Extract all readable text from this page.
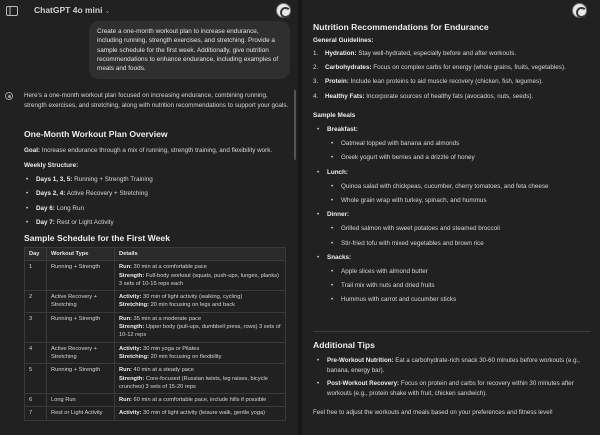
ChatGPT 4o mini ⌄
Create a one-month workout plan to increase endurance, including running, strength exercises, and stretching. Provide a sample schedule for the first week. Additionally, give nutrition recommendations to enhance endurance, including examples of meals and foods.
Here's a one-month workout plan focused on increasing endurance, combining running, strength exercises, and stretching, along with nutrition recommendations to support your goals.
One-Month Workout Plan Overview
Goal: Increase endurance through a mix of running, strength training, and flexibility work.
Weekly Structure:
• Days 1, 3, 5: Running + Strength Training
• Days 2, 4: Active Recovery + Stretching
• Day 6: Long Run
• Day 7: Rest or Light Activity
Sample Schedule for the First Week
Day	Workout Type	Details
1	Running + Strength	Run: 30 min at a comfortable pace
Strength: Full-body workout (squats, push-ups, lunges, planks) 3 sets of 10-15 reps each

2	Active Recovery + Stretching	Activity: 30 min of light activity (walking, cycling)
Stretching: 20 min focusing on legs and back

3	Running + Strength	Run: 35 min at a moderate pace
Strength: Upper body (pull-ups, dumbbell press, rows) 3 sets of 10-12 reps

4	Active Recovery + Stretching	Activity: 30 min yoga or Pilates
Stretching: 20 min focusing on flexibility

5	Running + Strength	Run: 40 min at a steady pace
Strength: Core-focused (Russian twists, leg raises, bicycle crunches) 3 sets of 15-20 reps

6	Long Run	Run: 60 min at a comfortable pace, include hills if possible

7	Rest or Light Activity	Activity: 30 min of light activity (leisure walk, gentle yoga)
Nutrition Recommendations for Endurance
General Guidelines:
1. Hydration: Stay well-hydrated, especially before and after workouts.
2. Carbohydrates: Focus on complex carbs for energy (whole grains, fruits, vegetables).
3. Protein: Include lean proteins to aid muscle recovery (chicken, fish, legumes).
4. Healthy Fats: Incorporate sources of healthy fats (avocados, nuts, seeds).
Sample Meals
• Breakfast:
• Oatmeal topped with banana and almonds
• Greek yogurt with berries and a drizzle of honey
• Lunch:
• Quinoa salad with chickpeas, cucumber, cherry tomatoes, and feta cheese
• Whole grain wrap with turkey, spinach, and hummus
• Dinner:
• Grilled salmon with sweet potatoes and steamed broccoli
• Stir-fried tofu with mixed vegetables and brown rice
• Snacks:
• Apple slices with almond butter
• Trail mix with nuts and dried fruits
• Hummus with carrot and cucumber sticks
Additional Tips
• Pre-Workout Nutrition: Eat a carbohydrate-rich snack 30-60 minutes before workouts (e.g., banana, energy bar).
• Post-Workout Recovery: Focus on protein and carbs for recovery within 30 minutes after workouts (e.g., protein shake with fruit, chicken sandwich).
Feel free to adjust the workouts and meals based on your preferences and fitness level!
